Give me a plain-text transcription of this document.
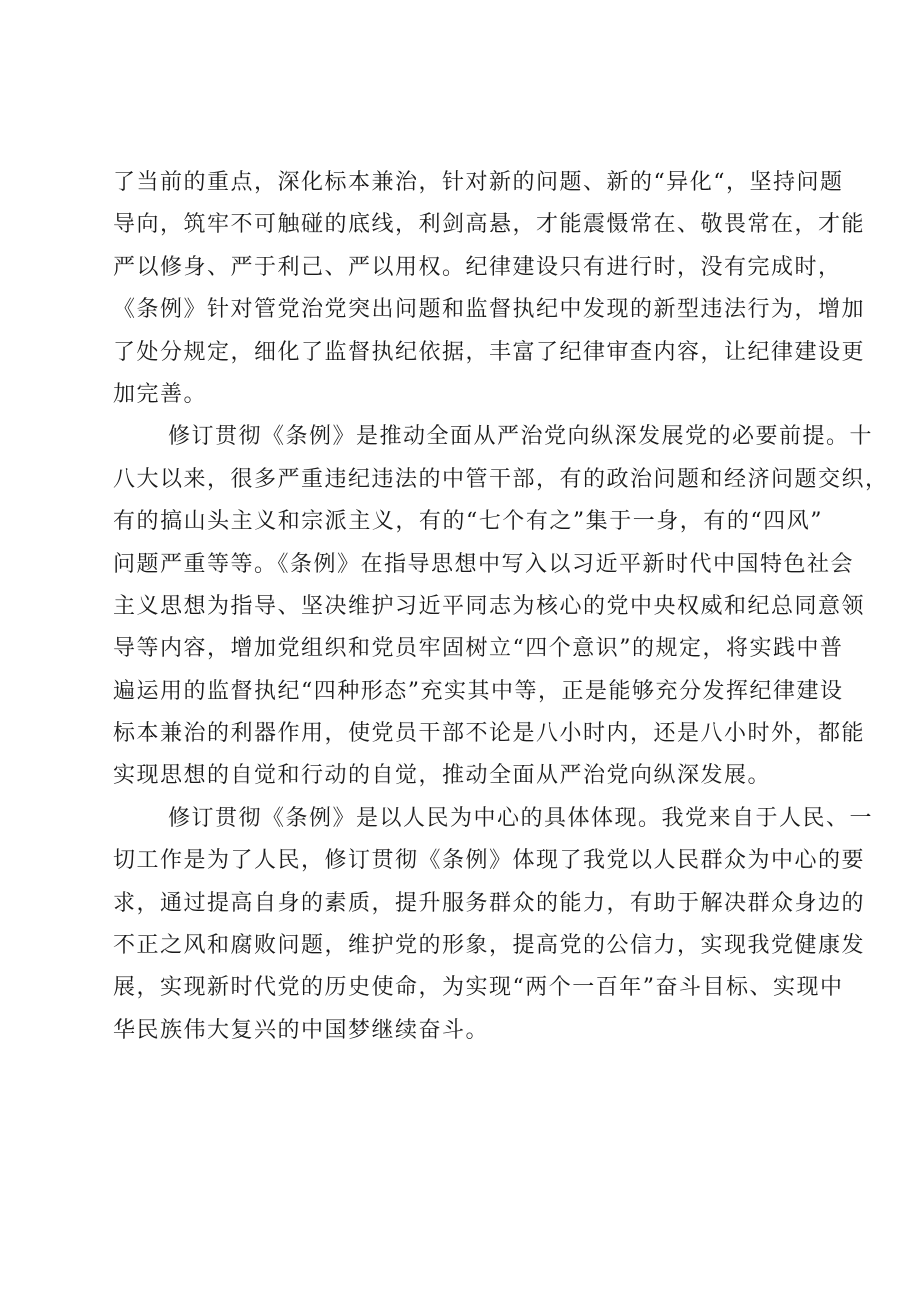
了当前的重点，深化标本兼治，针对新的问题、新的“异化“，坚持问题
导向，筑牢不可触碰的底线，利剑高悬，才能震慑常在、敬畏常在，才能
严以修身、严于利己、严以用权。纪律建设只有进行时，没有完成时，
《条例》针对管党治党突出问题和监督执纪中发现的新型违法行为，增加
了处分规定，细化了监督执纪依据，丰富了纪律审查内容，让纪律建设更
加完善。
修订贯彻《条例》是推动全面从严治党向纵深发展党的必要前提。十
八大以来，很多严重违纪违法的中管干部，有的政治问题和经济问题交织，
有的搞山头主义和宗派主义，有的“七个有之”集于一身，有的“四风”
问题严重等等。《条例》在指导思想中写入以习近平新时代中国特色社会
主义思想为指导、坚决维护习近平同志为核心的党中央权威和纪总同意领
导等内容，增加党组织和党员牢固树立“四个意识”的规定，将实践中普
遍运用的监督执纪“四种形态”充实其中等，正是能够充分发挥纪律建设
标本兼治的利器作用，使党员干部不论是八小时内，还是八小时外，都能
实现思想的自觉和行动的自觉，推动全面从严治党向纵深发展。
修订贯彻《条例》是以人民为中心的具体体现。我党来自于人民、一
切工作是为了人民，修订贯彻《条例》体现了我党以人民群众为中心的要
求，通过提高自身的素质，提升服务群众的能力，有助于解决群众身边的
不正之风和腐败问题，维护党的形象，提高党的公信力，实现我党健康发
展，实现新时代党的历史使命，为实现“两个一百年”奋斗目标、实现中
华民族伟大复兴的中国梦继续奋斗。
